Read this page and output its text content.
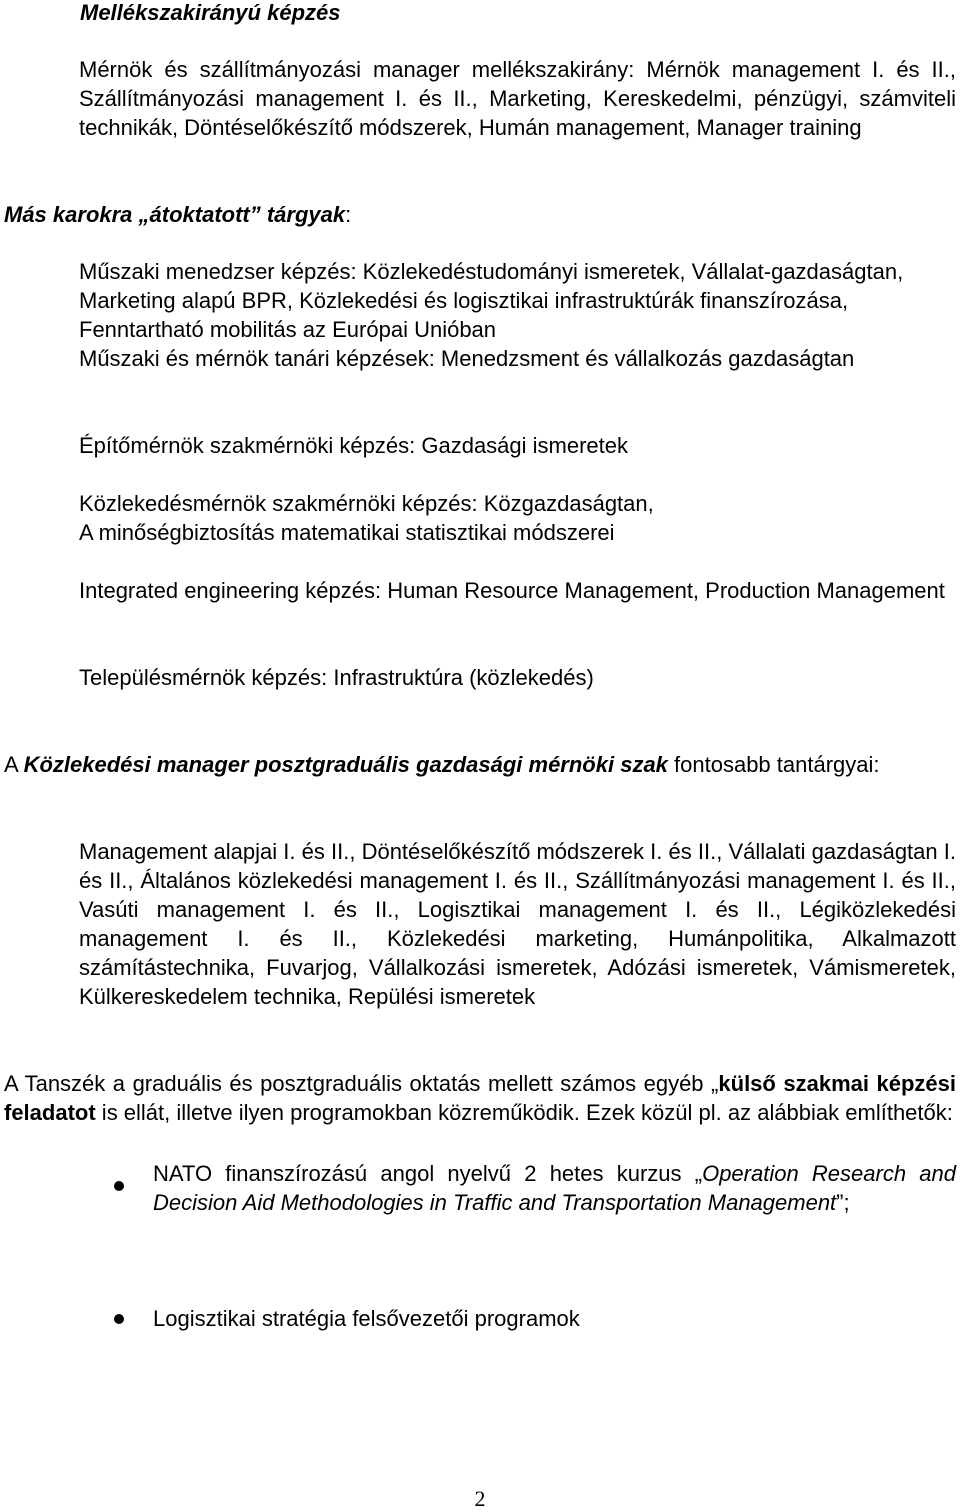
Mellékszakirányú képzés

Mérnök és szállítmányozási manager mellékszakirány: Mérnök management I. és II., Szállítmányozási management I. és II., Marketing, Kereskedelmi, pénzügyi, számviteli technikák, Döntéselőkészítő módszerek, Humán management, Manager training

Más karokra „átoktatott” tárgyak:

Műszaki menedzser képzés: Közlekedéstudományi ismeretek, Vállalat-gazdaságtan, Marketing alapú BPR, Közlekedési és logisztikai infrastruktúrák finanszírozása, Fenntartható mobilitás az Európai Unióban

Műszaki és mérnök tanári képzések: Menedzsment és vállalkozás gazdaságtan

Építőmérnök szakmérnöki képzés: Gazdasági ismeretek

Közlekedésmérnök szakmérnöki képzés: Közgazdaságtan,

A minőségbiztosítás matematikai statisztikai módszerei

Integrated engineering képzés: Human Resource Management, Production Management

Településmérnök képzés: Infrastruktúra (közlekedés)

A Közlekedési manager posztgraduális gazdasági mérnöki szak fontosabb tantárgyai:

Management alapjai I. és II., Döntéselőkészítő módszerek I. és II., Vállalati gazdaságtan I. és II., Általános közlekedési management I. és II., Szállítmányozási management I. és II., Vasúti management I. és II., Logisztikai management I. és II., Légiközlekedési management I. és II., Közlekedési marketing, Humánpolitika, Alkalmazott számítástechnika, Fuvarjog, Vállalkozási ismeretek, Adózási ismeretek, Vámismeretek, Külkereskedelem technika, Repülési ismeretek

A Tanszék a graduális és posztgraduális oktatás mellett számos egyéb „külső szakmai képzési feladatot is ellát, illetve ilyen programokban közreműködik. Ezek közül pl. az alábbiak említhetők:

NATO finanszírozású angol nyelvű 2 hetes kurzus „Operation Research and Decision Aid Methodologies in Traffic and Transportation Management”;
Logisztikai stratégia felsővezetői programok
2
